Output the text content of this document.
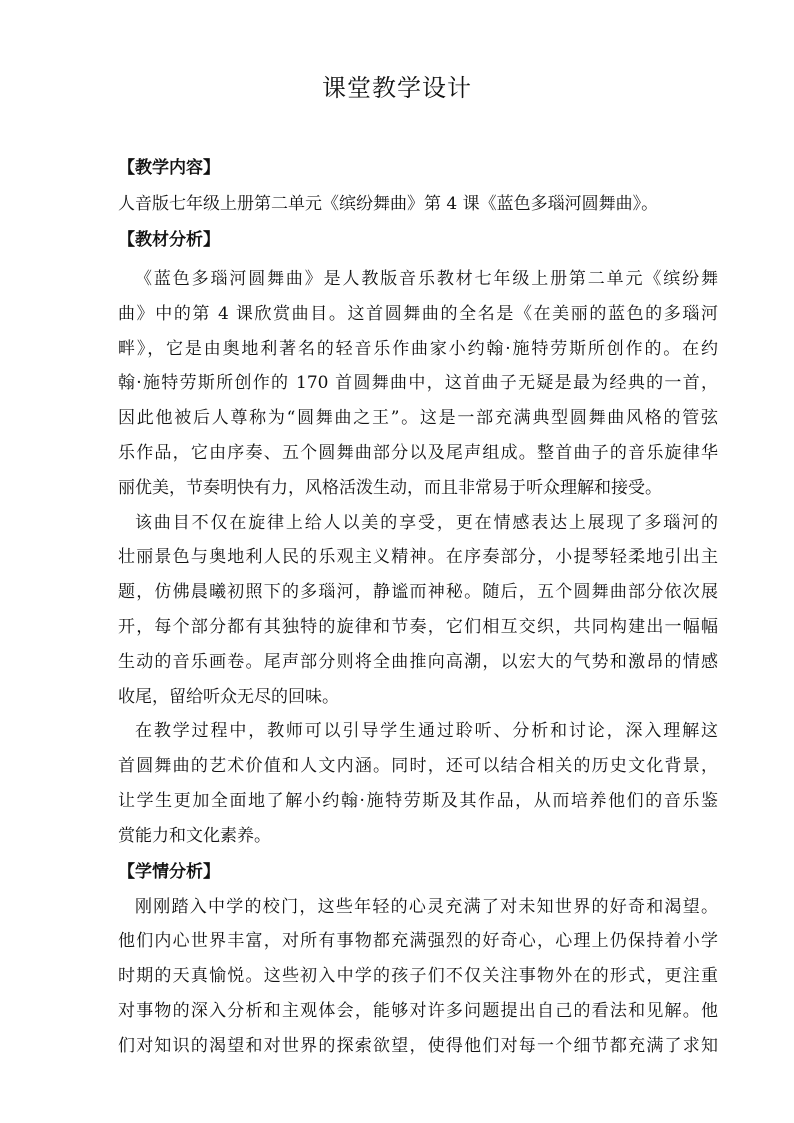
课堂教学设计
【教学内容】
人音版七年级上册第二单元《缤纷舞曲》第 4 课《蓝色多瑙河圆舞曲》。
【教材分析】
《蓝色多瑙河圆舞曲》是人教版音乐教材七年级上册第二单元《缤纷舞
曲》中的第 4 课欣赏曲目。这首圆舞曲的全名是《在美丽的蓝色的多瑙河
畔》，它是由奥地利著名的轻音乐作曲家小约翰·施特劳斯所创作的。在约
翰·施特劳斯所创作的 170 首圆舞曲中，这首曲子无疑是最为经典的一首，
因此他被后人尊称为“圆舞曲之王”。这是一部充满典型圆舞曲风格的管弦
乐作品，它由序奏、五个圆舞曲部分以及尾声组成。整首曲子的音乐旋律华
丽优美，节奏明快有力，风格活泼生动，而且非常易于听众理解和接受。
该曲目不仅在旋律上给人以美的享受，更在情感表达上展现了多瑙河的
壮丽景色与奥地利人民的乐观主义精神。在序奏部分，小提琴轻柔地引出主
题，仿佛晨曦初照下的多瑙河，静谧而神秘。随后，五个圆舞曲部分依次展
开，每个部分都有其独特的旋律和节奏，它们相互交织，共同构建出一幅幅
生动的音乐画卷。尾声部分则将全曲推向高潮，以宏大的气势和激昂的情感
收尾，留给听众无尽的回味。
在教学过程中，教师可以引导学生通过聆听、分析和讨论，深入理解这
首圆舞曲的艺术价值和人文内涵。同时，还可以结合相关的历史文化背景，
让学生更加全面地了解小约翰·施特劳斯及其作品，从而培养他们的音乐鉴
赏能力和文化素养。
【学情分析】
刚刚踏入中学的校门，这些年轻的心灵充满了对未知世界的好奇和渴望。
他们内心世界丰富，对所有事物都充满强烈的好奇心，心理上仍保持着小学
时期的天真愉悦。这些初入中学的孩子们不仅关注事物外在的形式，更注重
对事物的深入分析和主观体会，能够对许多问题提出自己的看法和见解。他
们对知识的渴望和对世界的探索欲望，使得他们对每一个细节都充满了求知
